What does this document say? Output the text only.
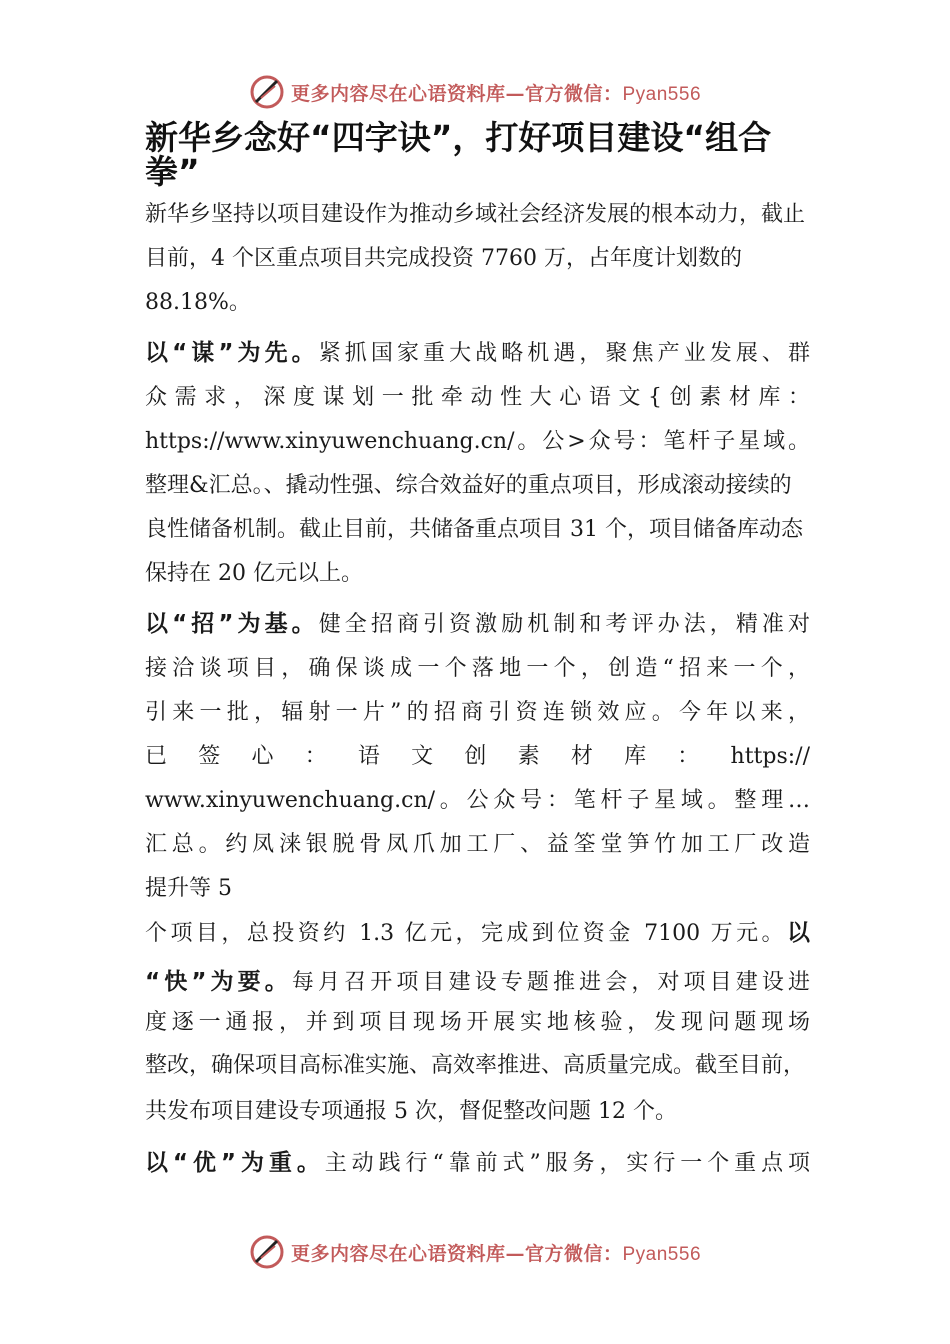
更多内容尽在心语资料库—官方微信：Pyan556
新华乡念好“四字诀”，打好项目建设“组合拳”

新华乡坚持以项目建设作为推动乡域社会经济发展的根本动力，截止目前，4 个区重点项目共完成投资 7760 万，占年度计划数的 88.18%。

以“谋”为先。紧抓国家重大战略机遇，聚焦产业发展、群
众需求，深度谋划一批牵动性大心语文{创素材库：
https://www.xinyuwenchuang.cn/。公>众号：笔杆子星域。
整理&汇总。、撬动性强、综合效益好的重点项目，形成滚动接续的良性储备机制。截止目前，共储备重点项目 31 个，项目储备库动态保持在 20 亿元以上。
以“招”为基。健全招商引资激励机制和考评办法，精准对
接洽谈项目，确保谈成一个落地一个，创造“招来一个，
引来一批，辐射一片”的招商引资连锁效应。今年以来，
已 签 心 ： 语 文 创 素 材 库 ： https://
www.xinyuwenchuang.cn/。公众号：笔杆子星域。整理…
汇总。约凤涞银脱骨凤爪加工厂、益筌堂笋竹加工厂改造
提升等 5
个项目，总投资约 1.3 亿元，完成到位资金 7100 万元。以
“快”为要。每月召开项目建设专题推进会，对项目建设进
度逐一通报，并到项目现场开展实地核验，发现问题现场
整改，确保项目高标准实施、高效率推进、高质量完成。截至目前，共发布项目建设专项通报 5 次，督促整改问题 12 个。
以“优”为重。主动践行“靠前式”服务，实行一个重点项
更多内容尽在心语资料库—官方微信：Pyan556
